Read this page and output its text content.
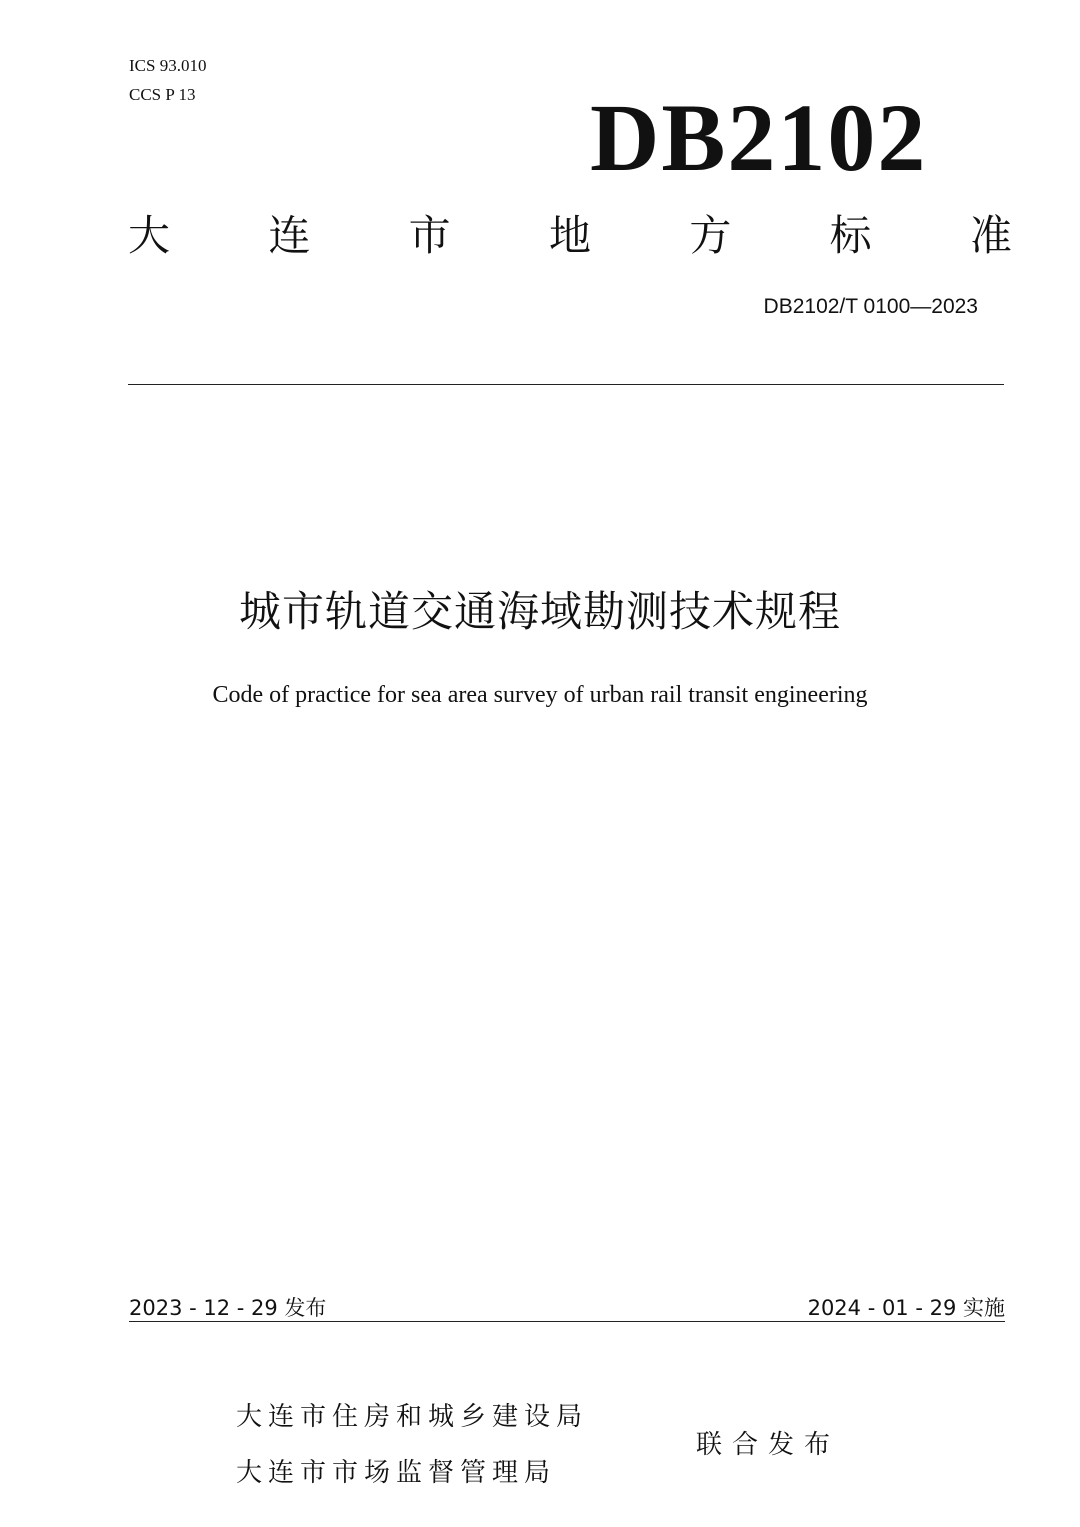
ICS 93.010
CCS P 13	DB2102
大 连 市 地 方 标 准
DB2102/T 0100—2023
城市轨道交通海域勘测技术规程
Code of practice for sea area survey of urban rail transit engineering
2023 - 12 - 29 发布	2024 - 01 - 29 实施
大连市住房和城乡建设局
大连市市场监督管理局
联合发布
